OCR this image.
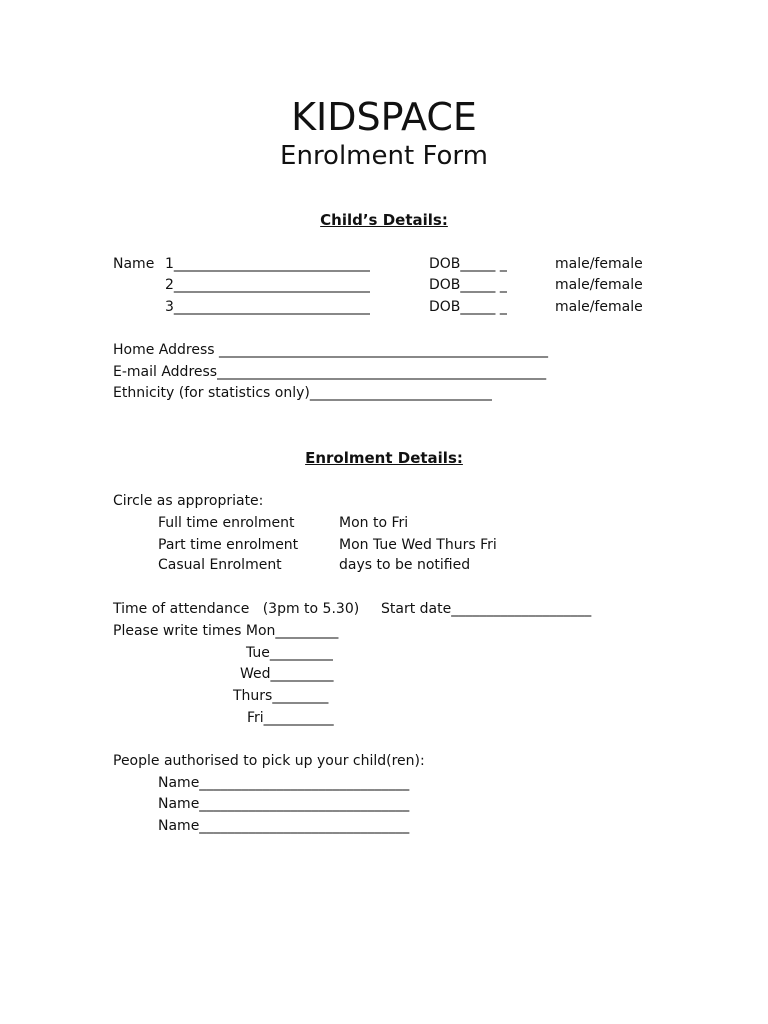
KIDSPACE
Enrolment Form
Child’s Details:
Name 1____________________________	DOB_____ _	male/female
2____________________________	DOB_____ _	male/female
3____________________________	DOB_____ _	male/female
Home Address _______________________________________________
E-mail Address_______________________________________________
Ethnicity (for statistics only)__________________________
Enrolment Details:
Circle as appropriate:
Full time enrolment	Mon to Fri
Part time enrolment	Mon Tue Wed Thurs Fri
Casual Enrolment	days to be notified
Time of attendance   (3pm to 5.30) Start date____________________
Please write times Mon_________
Tue_________
Wed_________
Thurs________
Fri__________
People authorised to pick up your child(ren):
Name______________________________
Name______________________________
Name______________________________
